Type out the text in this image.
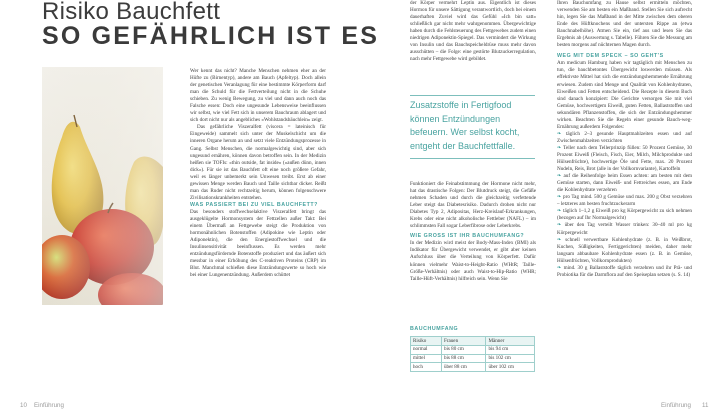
Risiko Bauchfett
SO GEFÄHRLICH IST ES

Wer kennt das nicht? Manche Menschen nehmen eher an der Hüfte zu (Birnentyp), andere am Bauch (Apfeltyp). Doch allein der genetischen Veranlagung für eine bestimmte Körperform darf man die Schuld für die Fettverteilung nicht in die Schuhe schieben. Zu wenig Bewegung, zu viel und dann auch noch das Falsche essen: Doch eine ungesunde Lebensweise beeinflussen wir selbst, wie viel Fett sich in unserem Bauchraum ablagert und sich dort nicht nur als angebliches »Wohlstandsbäuchlein« zeigt.

Das gefährliche Viszeralfett (viscera = lateinisch für Eingeweide) sammelt sich unter der Muskelschicht um die inneren Organe herum an und setzt viele Entzündungsprozesse in Gang. Selbst Menschen, die normalgewichtig sind, aber sich ungesund ernähren, können davon betroffen sein. In der Medizin heißen sie TOFIs: »thin outside, fat inside« (»außen dünn, innen dick«). Für sie ist das Bauchfett oft eine noch größere Gefahr, weil es länger unbemerkt sein Unwesen treibt. Erst ab einer gewissen Menge werden Bauch und Taille sichtbar dicker. Reißt man das Ruder nicht rechtzeitig herum, können folgenschwere Zivilisationskrankheiten entstehen.

WAS PASSIERT BEI ZU VIEL BAUCHFETT?

Das besonders stoffwechselaktive Viszeralfett bringt das ausgeklügelte Hormonsystem der Fettzellen außer Takt: Bei einem Übermaß an Fettgewebe steigt die Produktion von hormonähnlichen Botenstoffen (Adipokine wie Leptin oder Adiponektin), die den Energiestoffwechsel und die Insulinsensitivität beeinflussen. Es werden mehr entzündungsfördernde Botenstoffe produziert und das äußert sich messbar in einer Erhöhung des C-reaktiven Proteins (CRP) im Blut. Manchmal schießen diese Entzündungswerte so hoch wie bei einer Lungenentzündung. Außerdem schüttet

der Körper vermehrt Leptin aus. Eigentlich ist dieses Hormon für unsere Sättigung verantwortlich, doch bei einem dauerhaften Zuviel wird das Gefühl »Ich bin satt« schließlich gar nicht mehr wahrgenommen. Übergewichtige haben durch die Fehlsteuerung des Fettgewebes zudem einen niedrigen Adiponektin-Spiegel. Das vermindert die Wirkung von Insulin und das Bauchspeicheldrüse muss mehr davon ausschütten – die Folge: eine gestörte Blutzuckerregulation, nach mehr Fettgewebe wird gebildet.

Zusatzstoffe in Fertigfood können Entzündungen befeuern. Wer selbst kocht, entgeht der Bauchfettfalle.

Funktioniert die Feinabstimmung der Hormone nicht mehr, hat das drastische Folgen: Der Blutdruck steigt, die Gefäße nehmen Schaden und durch die gleichzeitig verfettende Leber steigt das Diabetesrisiko. Dadurch drohen nicht nur Diabetes Typ 2, Adipositas, Herz-Kreislauf-Erkrankungen, Krebs oder eine nicht alkoholische Fettleber (NAFL) – im schlimmsten Fall sogar Leberfibrose oder Leberkrebs.

WIE GROSS IST IHR BAUCHUMFANG?

In der Medizin wird meist der Body-Mass-Index (BMI) als Indikator für Übergewicht verwendet, er gibt aber keinen Aufschluss über die Verteilung von Körperfett. Dafür können vielmehr Waist-to-Height-Ratio (WHtR; Taille-Größe-Verhältnis) oder auch Waist-to-Hip-Ratio (WHR; Taille-Hüft-Verhältnis) hilfreich sein. Wenn Sie

BAUCHUMFANG
Risiko	Frauen	Männer
normal	bis 80 cm	bis 94 cm
mittel	bis 88 cm	bis 102 cm
hoch	über 88 cm	über 102 cm

Ihren Bauchumfang zu Hause selbst ermitteln möchten, verwenden Sie am besten ein Maßband. Stellen Sie sich aufrecht hin, legen Sie das Maßband in der Mitte zwischen dem oberen Ende des Hüftknochens und der untersten Rippe an (etwa Bauchnabelhöhe). Atmen Sie ein, tief aus und lesen Sie das Ergebnis ab (Auswertung s. Tabelle). Führen Sie die Messung am besten morgens auf nüchternen Magen durch.

WEG MIT DEM SPECK – SO GEHT'S

Am medicum Hamburg haben wir tagtäglich mit Menschen zu tun, die bauchbetontes Übergewicht loswerden müssen. Als effektivste Mittel hat sich die entzündungshemmende Ernährung erwiesen. Zudem sind Menge und Qualität von Kohlenhydraten, Eiweißen und Fetten entscheidend. Die Rezepte in diesem Buch sind danach konzipiert: Die Gerichte versorgen Sie mit viel Gemüse, hochwertigem Eiweiß, guten Fetten, Ballaststoffen und sekundären Pflanzenstoffen, die sich der Entzündungshemmer wirken. Beachten Sie die Regeln einer gesunde Bauch-weg-Ernährung außerdem Folgendes:

❧ täglich 2–3 gesunde Hauptmahlzeiten essen und auf Zwischenmahlzeiten verzichten

❧ Teller nach dem Tellerprinzip füllen: 50 Prozent Gemüse, 30 Prozent Eiweiß (Fleisch, Fisch, Eier, Milch, Milchprodukte und Hülsenfrüchte), hochwertige Öle und Fette, max. 20 Prozent Nudeln, Reis, Brot (alle in der Vollkornvariante), Kartoffeln

❧ auf die Reihenfolge beim Essen achten: am besten mit dem Gemüse starten, dann Eiweiß- und Fettreiches essen, am Ende die Kohlenhydrate verzehren

❧ pro Tag mind. 500 g Gemüse und max. 200 g Obst verzehren – letzteres am besten fruchtzuckerarm

❧ täglich 1–1,2 g Eiweiß pro kg Körpergewicht zu sich nehmen (bezogen auf Ihr Normalgewicht)

❧ über den Tag verteilt Wasser trinken: 30–40 ml pro kg Körpergewicht

❧ schnell verwertbare Kohlenhydrate (z. B. in Weißbrot, Kuchen, Süßigkeiten, Fertiggerichten) meiden, daher mehr langsam abbaubare Kohlenhydrate essen (z. B. in Gemüse, Hülsenfrüchten, Vollkornprodukten)

❧ mind. 30 g Ballaststoffe täglich verzehren und ihr Prä- und Probiotika für die Darmflora auf den Speiseplan setzen (s. S. 14)

10 Einführung	Einführung 11
